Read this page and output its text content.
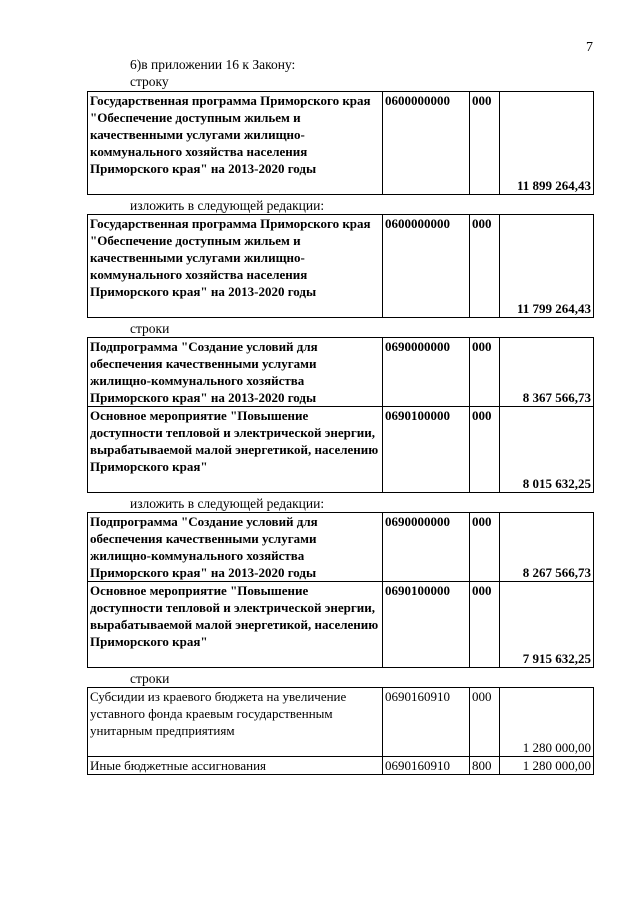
7
6)в приложении 16 к Закону:
строку
Государственная программа Приморского края "Обеспечение доступным жильем и качественными услугами жилищно-коммунального хозяйства населения Приморского края" на 2013-2020 годы	0600000000	000	11 899 264,43
изложить в следующей редакции:
Государственная программа Приморского края "Обеспечение доступным жильем и качественными услугами жилищно-коммунального хозяйства населения Приморского края" на 2013-2020 годы	0600000000	000	11 799 264,43
строки
Подпрограмма "Создание условий для обеспечения качественными услугами жилищно-коммунального хозяйства Приморского края" на 2013-2020 годы	0690000000	000	8 367 566,73
Основное мероприятие "Повышение доступности тепловой и электрической энергии, вырабатываемой малой энергетикой, населению Приморского края"	0690100000	000	8 015 632,25
изложить в следующей редакции:
Подпрограмма "Создание условий для обеспечения качественными услугами жилищно-коммунального хозяйства Приморского края" на 2013-2020 годы	0690000000	000	8 267 566,73
Основное мероприятие "Повышение доступности тепловой и электрической энергии, вырабатываемой малой энергетикой, населению Приморского края"	0690100000	000	7 915 632,25
строки
Субсидии из краевого бюджета на увеличение уставного фонда краевым государственным унитарным предприятиям	0690160910	000	1 280 000,00
Иные бюджетные ассигнования	0690160910	800	1 280 000,00
